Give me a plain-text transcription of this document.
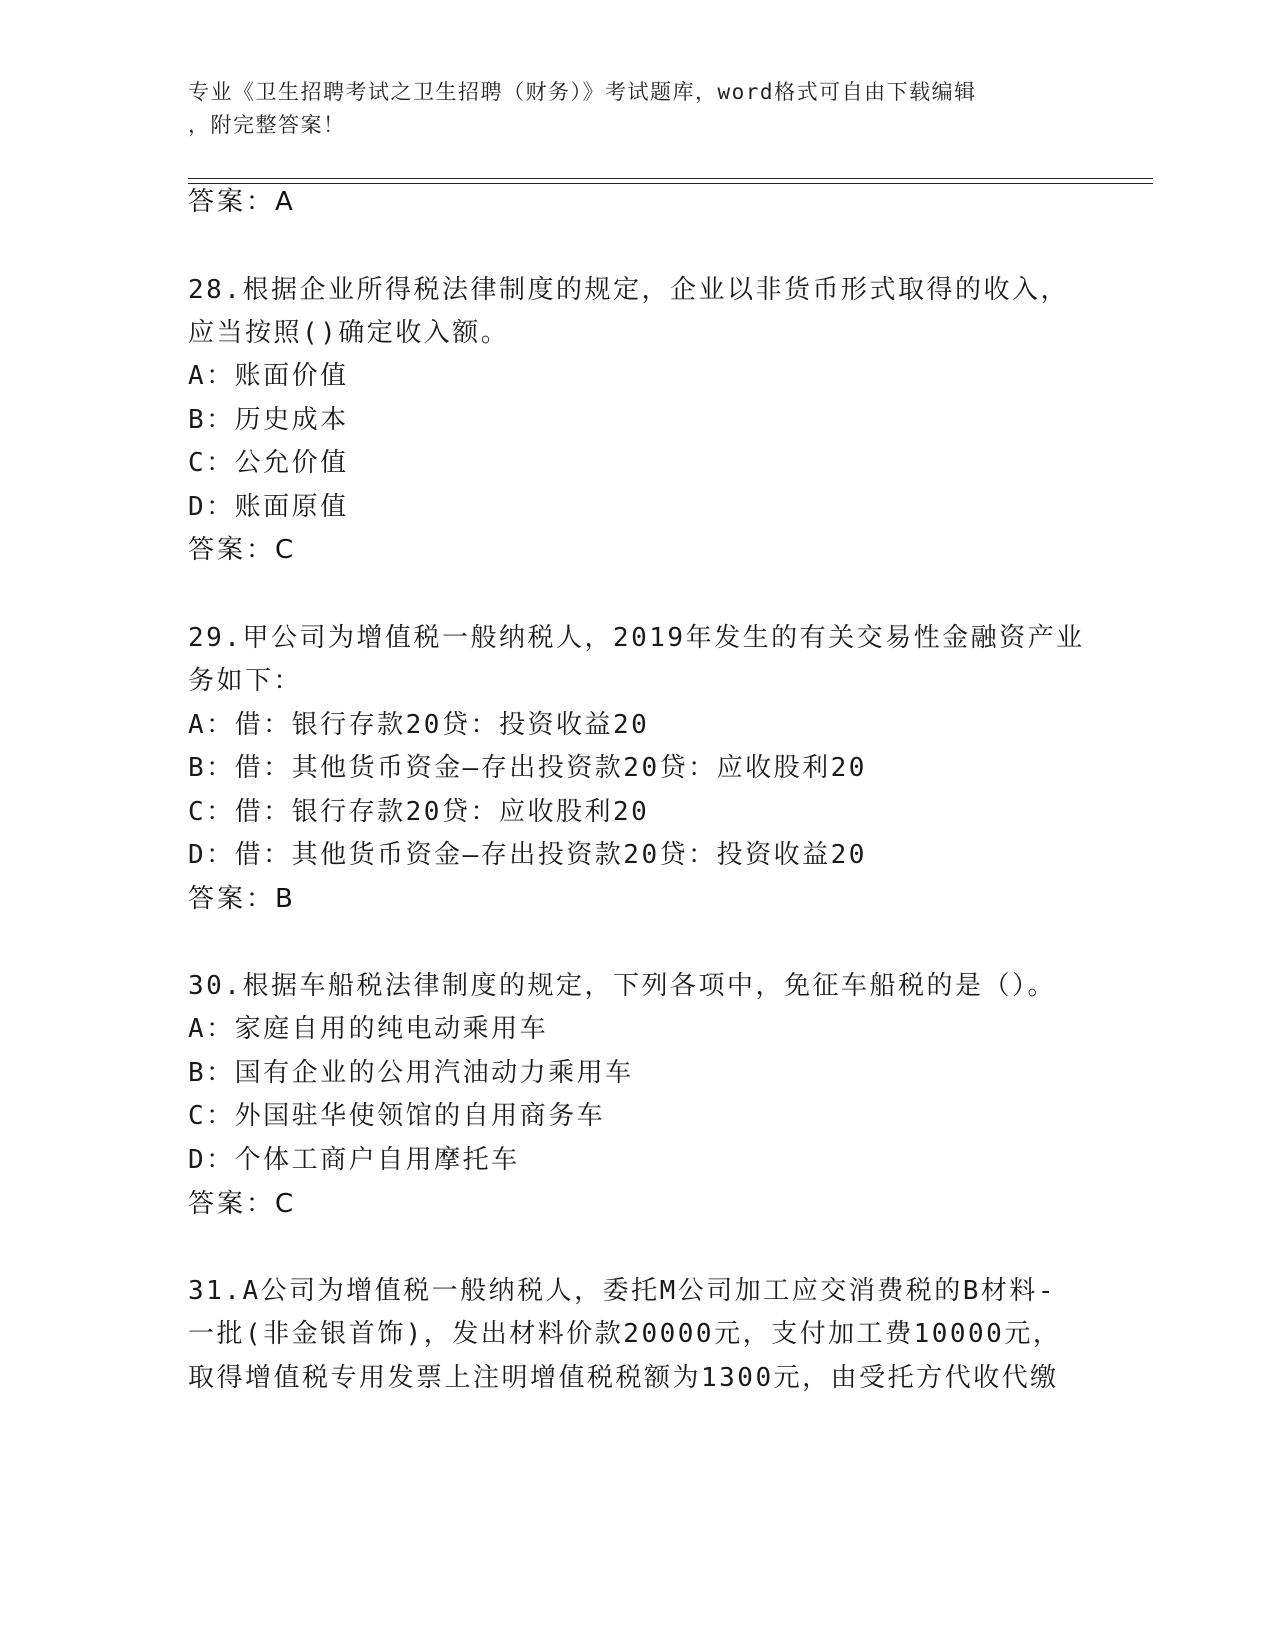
专业《卫生招聘考试之卫生招聘（财务）》考试题库，word格式可自由下载编辑
，附完整答案！
答案：A
28.根据企业所得税法律制度的规定，企业以非货币形式取得的收入，
应当按照()确定收入额。
A：账面价值
B：历史成本
C：公允价值
D：账面原值
答案：C
29.甲公司为增值税一般纳税人，2019年发生的有关交易性金融资产业
务如下：
A：借：银行存款20贷：投资收益20
B：借：其他货币资金—存出投资款20贷：应收股利20
C：借：银行存款20贷：应收股利20
D：借：其他货币资金—存出投资款20贷：投资收益20
答案：B
30.根据车船税法律制度的规定，下列各项中，免征车船税的是（）。
A：家庭自用的纯电动乘用车
B：国有企业的公用汽油动力乘用车
C：外国驻华使领馆的自用商务车
D：个体工商户自用摩托车
答案：C
31.A公司为增值税一般纳税人，委托M公司加工应交消费税的B材料-
一批(非金银首饰)，发出材料价款20000元，支付加工费10000元，
取得增值税专用发票上注明增值税税额为1300元，由受托方代收代缴
